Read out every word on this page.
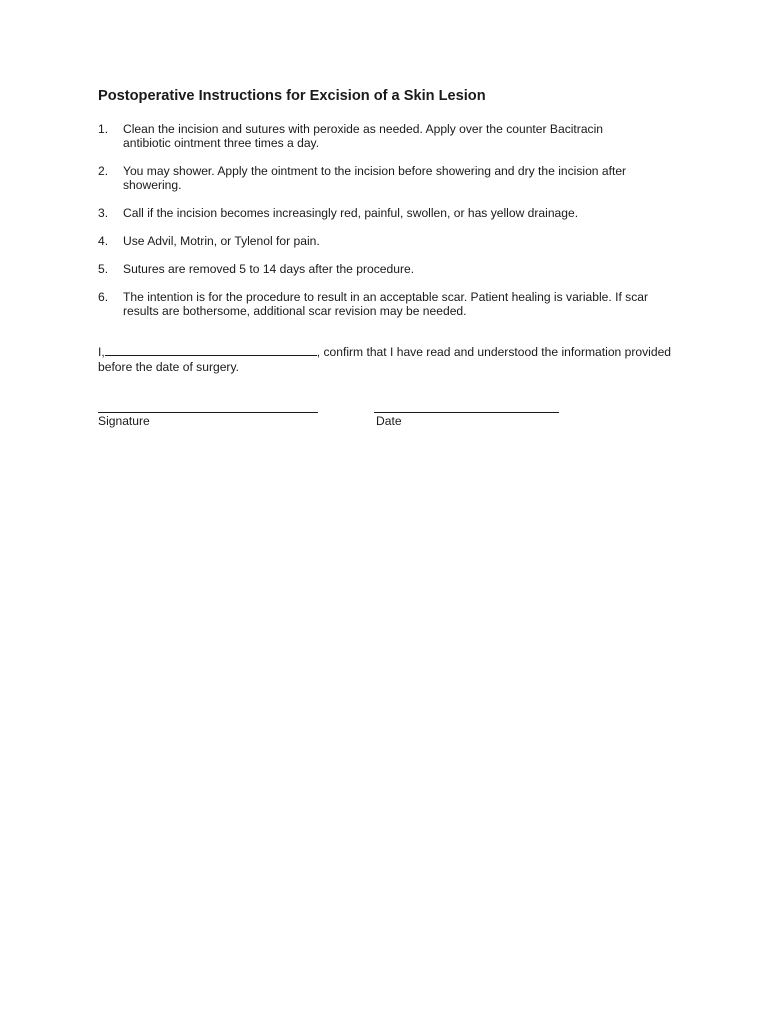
Postoperative Instructions for Excision of a Skin Lesion
1. Clean the incision and sutures with peroxide as needed. Apply over the counter Bacitracin antibiotic ointment three times a day.
2. You may shower. Apply the ointment to the incision before showering and dry the incision after showering.
3. Call if the incision becomes increasingly red, painful, swollen, or has yellow drainage.
4. Use Advil, Motrin, or Tylenol for pain.
5. Sutures are removed 5 to 14 days after the procedure.
6. The intention is for the procedure to result in an acceptable scar. Patient healing is variable. If scar results are bothersome, additional scar revision may be needed.
I,	, confirm that I have read and understood the information provided before the date of surgery.
Signature	Date
